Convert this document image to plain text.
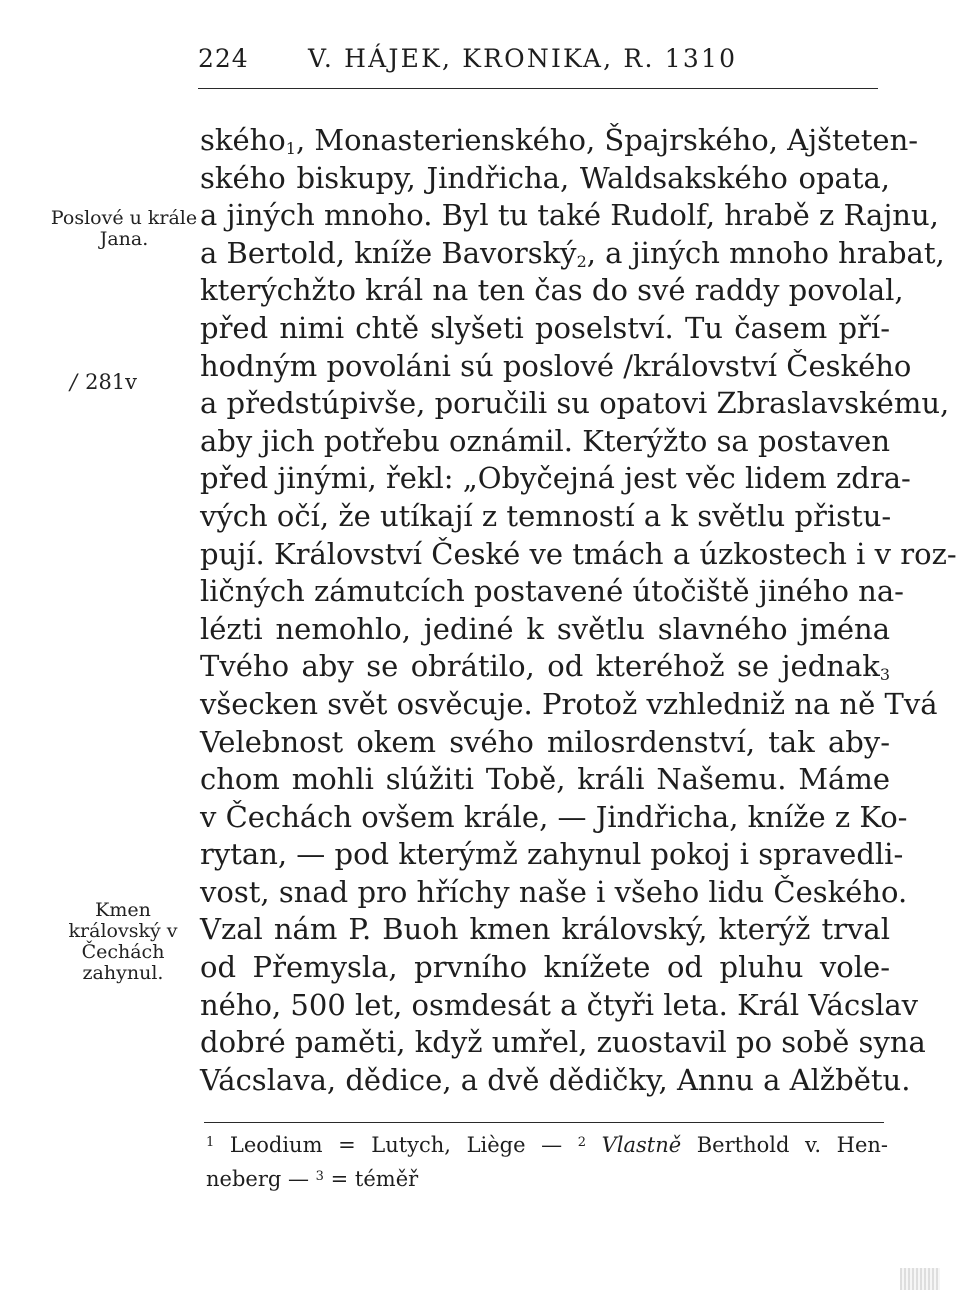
224 V. HÁJEK, KRONIKA, R. 1310
Poslové u krále Jana.
/ 281v
Kmen královský v Čechách zahynul.
ského$_1$, Monasterienského, Špajrského, Ajšteten-
ského biskupy, Jindřicha, Waldsakského opata,
a jiných mnoho. Byl tu také Rudolf, hrabě z Rajnu,
a Bertold, kníže Bavorský$_2$, a jiných mnoho hrabat,
kterýchžto král na ten čas do své raddy povolal,
před nimi chtě slyšeti poselství. Tu časem pří-
hodným povoláni sú poslové /království Českého
a předstúpivše, poručili su opatovi Zbraslavskému,
aby jich potřebu oznámil. Kterýžto sa postaven
před jinými, řekl: „Obyčejná jest věc lidem zdra-
vých očí, že utíkají z temností a k světlu přistu-
pují. Království České ve tmách a úzkostech i v roz-
ličných zámutcích postavené útočiště jiného na-
lézti nemohlo, jediné k světlu slavného jména
Tvého aby se obrátilo, od kteréhož se jednak$_3$
všecken svět osvěcuje. Protož vzhledniž na ně Tvá
Velebnost okem svého milosrdenství, tak aby-
chom mohli slúžiti Tobě, králi Našemu. Máme
v Čechách ovšem krále, — Jindřicha, kníže z Ko-
rytan, — pod kterýmž zahynul pokoj i spravedli-
vost, snad pro hříchy naše i všeho lidu Českého.
Vzal nám P. Buoh kmen královský, kterýž trval
od Přemysla, prvního knížete od pluhu vole-
ného, 500 let, osmdesát a čtyři leta. Král Vácslav
dobré paměti, když umřel, zuostavil po sobě syna
Vácslava, dědice, a dvě dědičky, Annu a Alžbětu.
$^1$ Leodium = Lutych, Liège — $^2$ Vlastně Berthold v. Hen-
neberg — $^3$ = téměř
